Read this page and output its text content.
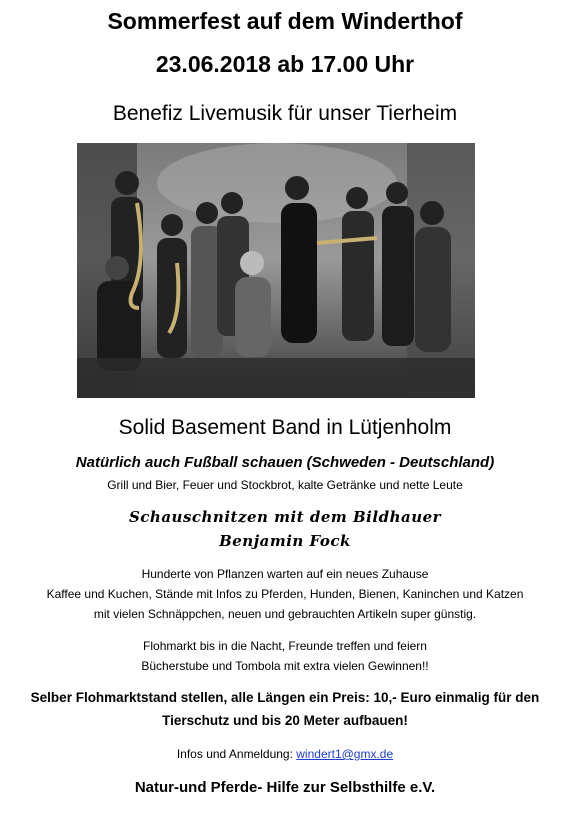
Sommerfest auf dem Winderthof
23.06.2018 ab 17.00 Uhr
Benefiz Livemusik für unser Tierheim
Solid Basement Band in Lütjenholm
Natürlich auch Fußball schauen (Schweden - Deutschland)
Grill und Bier, Feuer und Stockbrot, kalte Getränke und nette Leute
Schauschnitzen mit dem Bildhauer
Benjamin Fock
Hunderte von Pflanzen warten auf ein neues Zuhause
Kaffee und Kuchen, Stände mit Infos zu Pferden, Hunden, Bienen, Kaninchen und Katzen
mit vielen Schnäppchen, neuen und gebrauchten Artikeln super günstig.
Flohmarkt bis in die Nacht, Freunde treffen und feiern
Bücherstube und Tombola mit extra vielen Gewinnen!!
Selber Flohmarktstand stellen, alle Längen ein Preis: 10,- Euro einmalig für den
Tierschutz und bis 20 Meter aufbauen!
Infos und Anmeldung: windert1@gmx.de
Natur-und Pferde- Hilfe zur Selbsthilfe e.V.
